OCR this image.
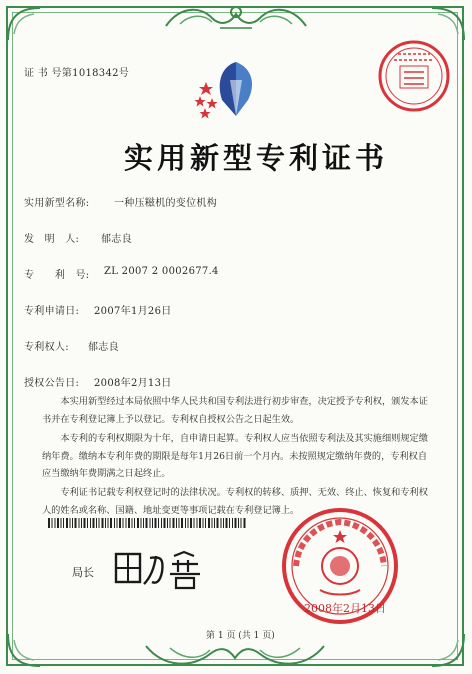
证 书 号第1018342号
实用新型专利证书
实用新型名称: 一种压糍机的变位机构
发　明　人: 郁志良
专　　利　号: ZL 2007 2 0002677.4
专利申请日: 2007年1月26日
专利权人: 郁志良
授权公告日: 2008年2月13日
本实用新型经过本局依照中华人民共和国专利法进行初步审查，决定授予专利权，颁发本证书并在专利登记簿上予以登记。专利权自授权公告之日起生效。
本专利的专利权期限为十年，自申请日起算。专利权人应当依照专利法及其实施细则规定缴纳年费。缴纳本专利年费的期限是每年1月26日前一个月内。未按照规定缴纳年费的，专利权自应当缴纳年费期满之日起终止。
专利证书记载专利权登记时的法律状况。专利权的转移、质押、无效、终止、恢复和专利权人的姓名或名称、国籍、地址变更等事项记载在专利登记簿上。
局长
2008年2月13日
第 1 页 (共 1 页)
